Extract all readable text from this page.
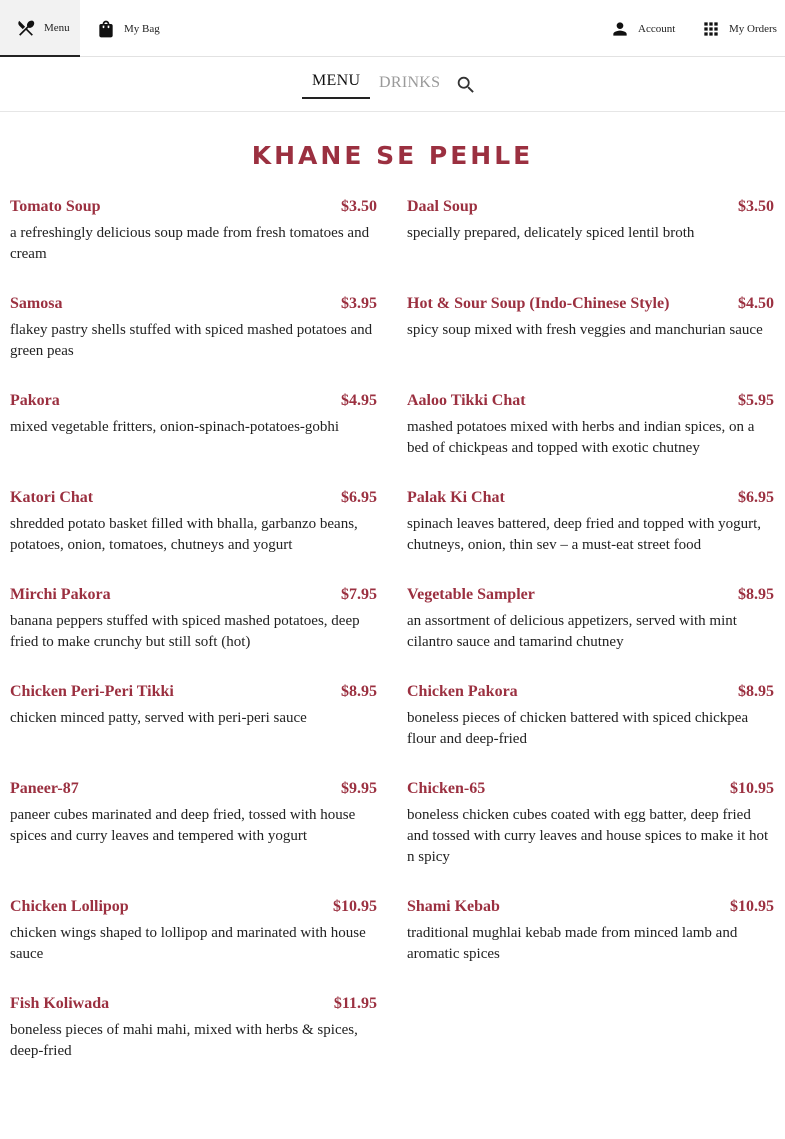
Menu	My Bag	Account	My Orders
MENU	DRINKS
KHANE SE PEHLE
Tomato Soup	$3.50
a refreshingly delicious soup made from fresh tomatoes and cream
Daal Soup	$3.50
specially prepared, delicately spiced lentil broth
Samosa	$3.95
flakey pastry shells stuffed with spiced mashed potatoes and green peas
Hot & Sour Soup (Indo-Chinese Style)	$4.50
spicy soup mixed with fresh veggies and manchurian sauce
Pakora	$4.95
mixed vegetable fritters, onion-spinach-potatoes-gobhi
Aaloo Tikki Chat	$5.95
mashed potatoes mixed with herbs and indian spices, on a bed of chickpeas and topped with exotic chutney
Katori Chat	$6.95
shredded potato basket filled with bhalla, garbanzo beans, potatoes, onion, tomatoes, chutneys and yogurt
Palak Ki Chat	$6.95
spinach leaves battered, deep fried and topped with yogurt, chutneys, onion, thin sev – a must-eat street food
Mirchi Pakora	$7.95
banana peppers stuffed with spiced mashed potatoes, deep fried to make crunchy but still soft (hot)
Vegetable Sampler	$8.95
an assortment of delicious appetizers, served with mint cilantro sauce and tamarind chutney
Chicken Peri-Peri Tikki	$8.95
chicken minced patty, served with peri-peri sauce
Chicken Pakora	$8.95
boneless pieces of chicken battered with spiced chickpea flour and deep-fried
Paneer-87	$9.95
paneer cubes marinated and deep fried, tossed with house spices and curry leaves and tempered with yogurt
Chicken-65	$10.95
boneless chicken cubes coated with egg batter, deep fried and tossed with curry leaves and house spices to make it hot n spicy
Chicken Lollipop	$10.95
chicken wings shaped to lollipop and marinated with house sauce
Shami Kebab	$10.95
traditional mughlai kebab made from minced lamb and aromatic spices
Fish Koliwada	$11.95
boneless pieces of mahi mahi, mixed with herbs & spices, deep-fried
